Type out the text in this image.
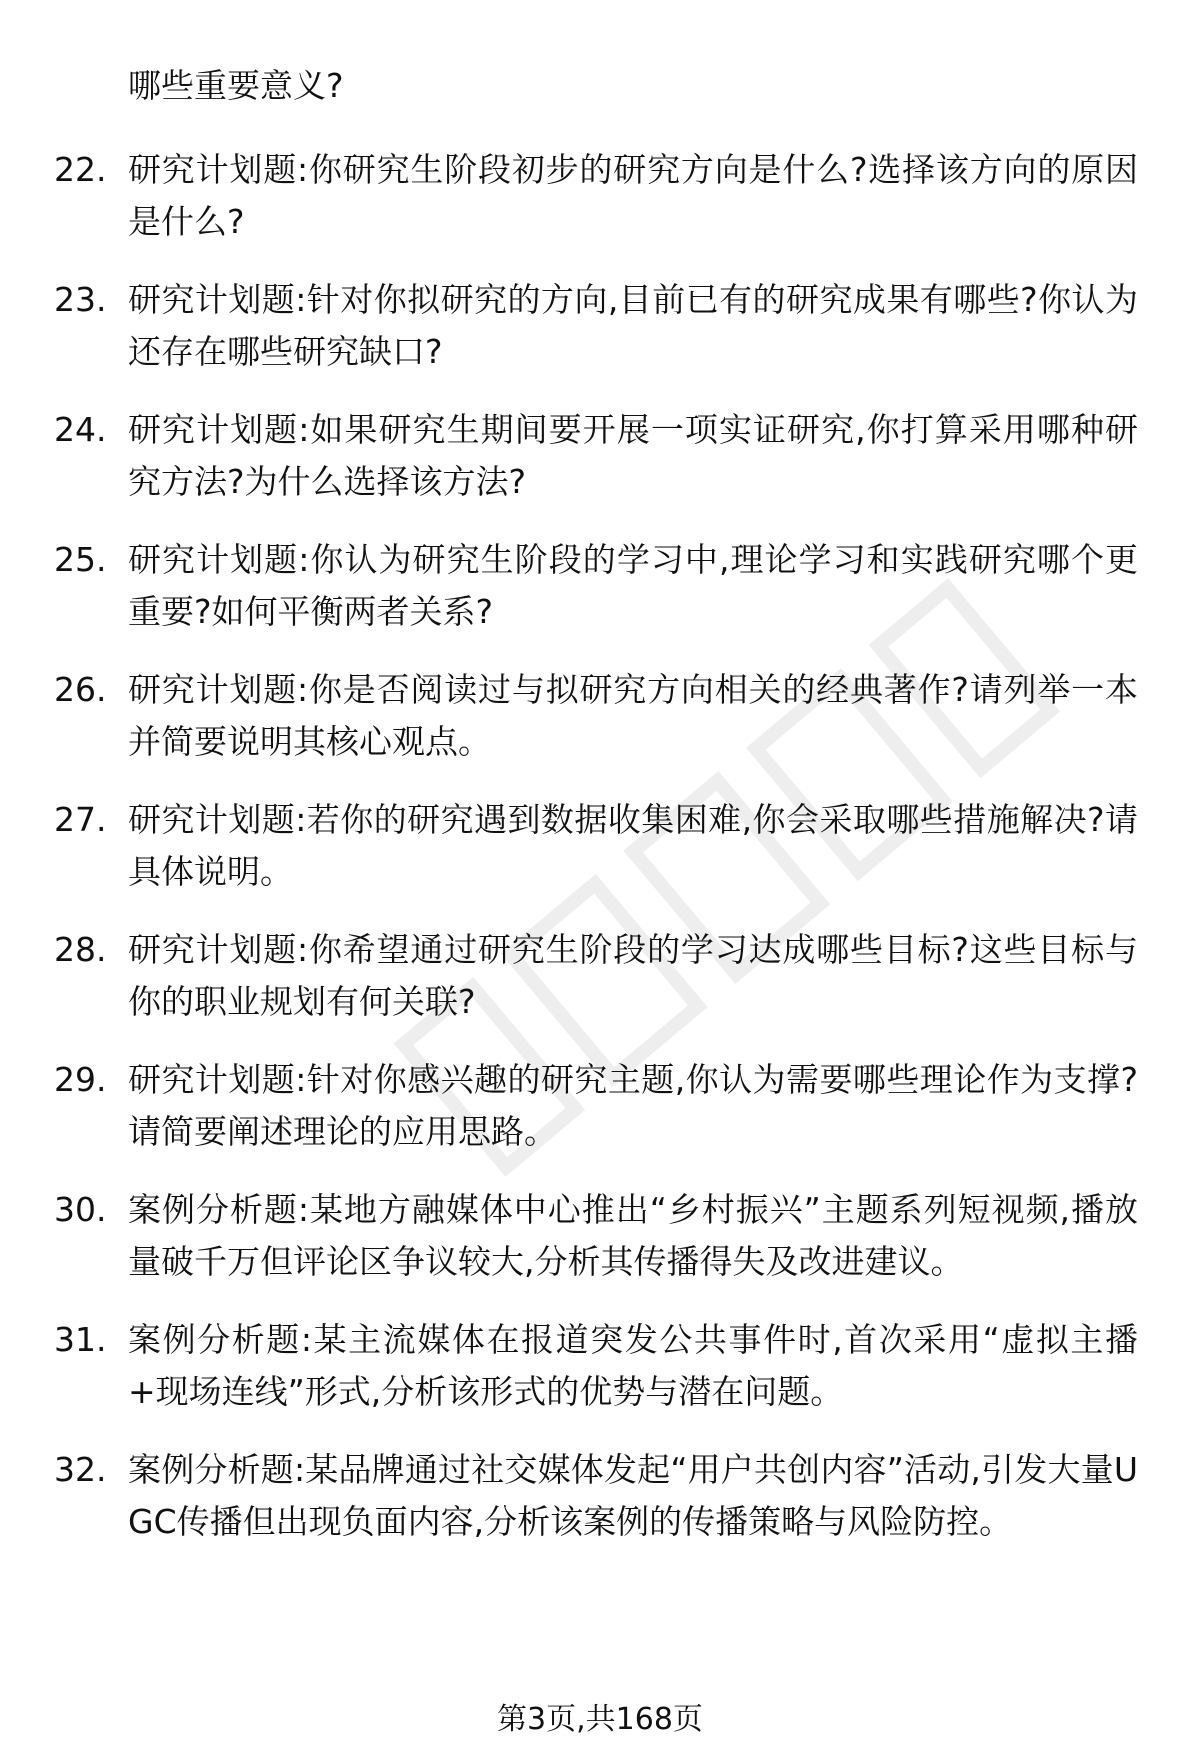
哪些重要意义?

22. 研究计划题:你研究生阶段初步的研究方向是什么?选择该方向的原因是什么?
23. 研究计划题:针对你拟研究的方向,目前已有的研究成果有哪些?你认为还存在哪些研究缺口?
24. 研究计划题:如果研究生期间要开展一项实证研究,你打算采用哪种研究方法?为什么选择该方法?
25. 研究计划题:你认为研究生阶段的学习中,理论学习和实践研究哪个更重要?如何平衡两者关系?
26. 研究计划题:你是否阅读过与拟研究方向相关的经典著作?请列举一本并简要说明其核心观点。
27. 研究计划题:若你的研究遇到数据收集困难,你会采取哪些措施解决?请具体说明。
28. 研究计划题:你希望通过研究生阶段的学习达成哪些目标?这些目标与你的职业规划有何关联?
29. 研究计划题:针对你感兴趣的研究主题,你认为需要哪些理论作为支撑?请简要阐述理论的应用思路。
30. 案例分析题:某地方融媒体中心推出“乡村振兴”主题系列短视频,播放量破千万但评论区争议较大,分析其传播得失及改进建议。
31. 案例分析题:某主流媒体在报道突发公共事件时,首次采用“虚拟主播+现场连线”形式,分析该形式的优势与潜在问题。
32. 案例分析题:某品牌通过社交媒体发起“用户共创内容”活动,引发大量UGC传播但出现负面内容,分析该案例的传播策略与风险防控。
第3页,共168页
